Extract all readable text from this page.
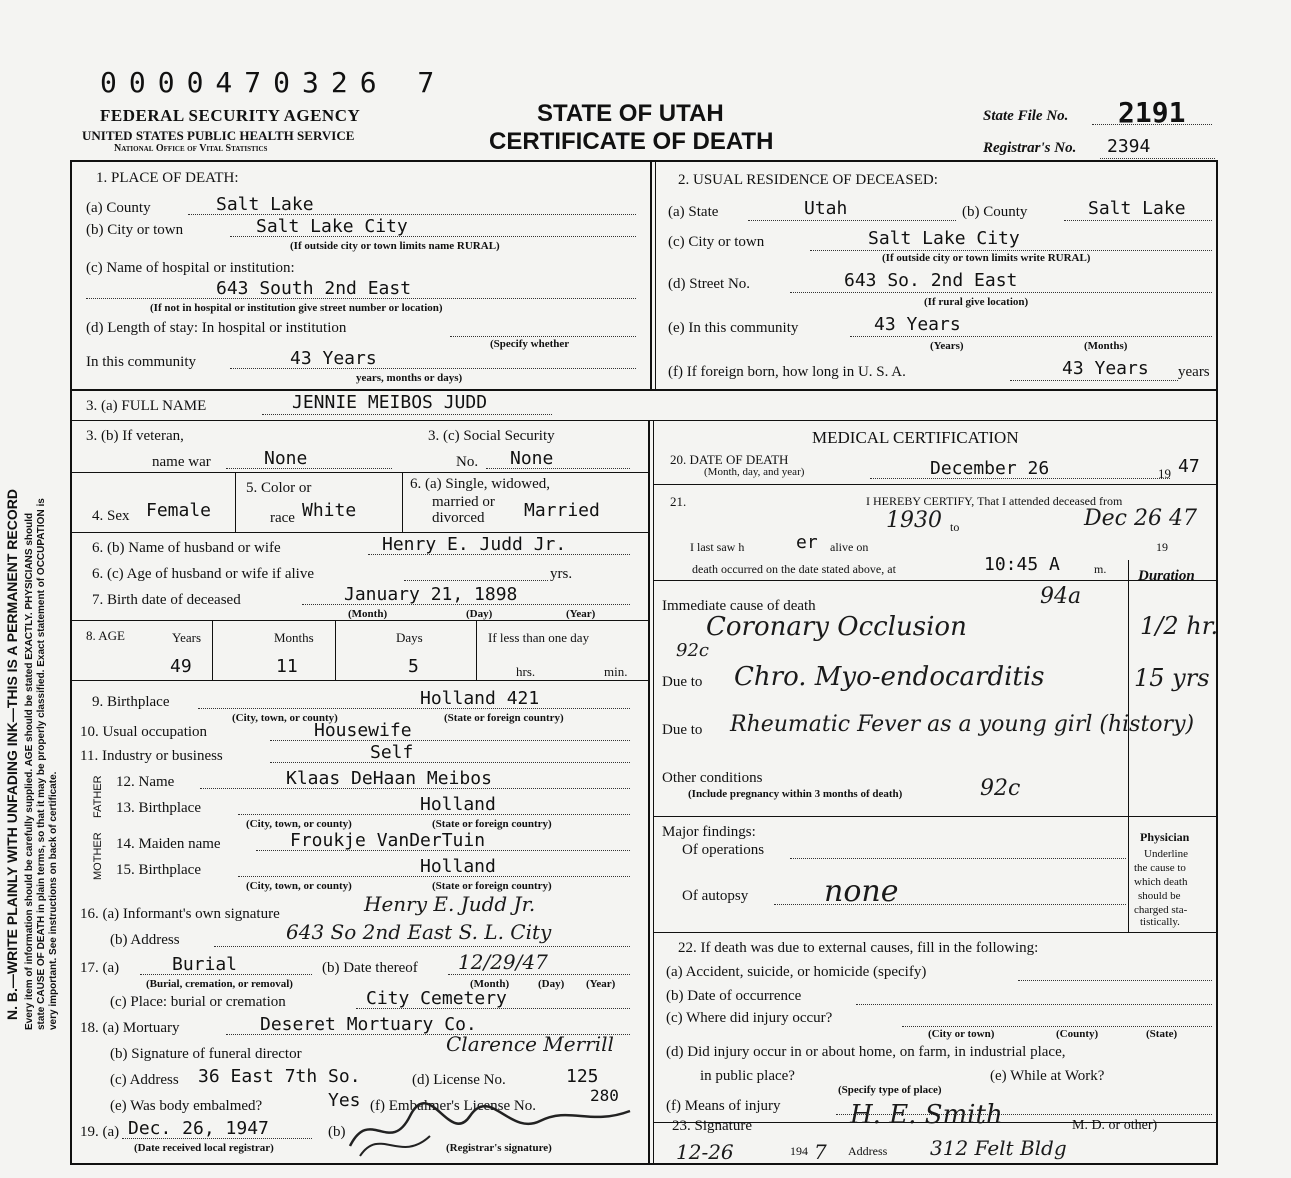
0000470326 7
FEDERAL SECURITY AGENCY
UNITED STATES PUBLIC HEALTH SERVICE
National Office of Vital Statistics
STATE OF UTAH
CERTIFICATE OF DEATH
State File No. 2191
Registrar's No. 2394
N. B.—WRITE PLAINLY WITH UNFADING INK—THIS IS A PERMANENT RECORD Every item of information should be carefully supplied. AGE should be stated EXACTLY. PHYSICIANS should state CAUSE OF DEATH in plain terms, so that it may be properly classified. Exact statement of OCCUPATION is very important. See instructions on back of certificate.
1. PLACE OF DEATH:
(a) County	Salt Lake
(b) City or town	Salt Lake City
(If outside city or town limits name RURAL)
(c) Name of hospital or institution:
643 South 2nd East
(If not in hospital or institution give street number or location)
(d) Length of stay: In hospital or institution
(Specify whether
In this community	43 Years
years, months or days)
2. USUAL RESIDENCE OF DECEASED:
(a) State	Utah	(b) County	Salt Lake
(c) City or town	Salt Lake City
(If outside city or town limits write RURAL)
(d) Street No.	643 So. 2nd East
(If rural give location)
(e) In this community	43 Years
(Years)	(Months)
(f) If foreign born, how long in U. S. A.	43 Years years
3. (a) FULL NAME	JENNIE MEIBOS JUDD
3. (b) If veteran,
name war	None
3. (c) Social Security
No. None
4. Sex Female
5. Color or
race White
6. (a) Single, widowed,
married or
divorced Married
6. (b) Name of husband or wife	Henry E. Judd Jr.
6. (c) Age of husband or wife if alive	yrs.
7. Birth date of deceased	January 21, 1898
(Month)	(Day)	(Year)
8. AGE	Years	Months	Days	If less than one day
49	11	5	hrs.	min.
9. Birthplace	Holland 421
(City, town, or county)	(State or foreign country)
10. Usual occupation	Housewife
11. Industry or business	Self
FATHER
MOTHER
12. Name	Klaas DeHaan Meibos
13. Birthplace	Holland
(City, town, or county)	(State or foreign country)
14. Maiden name	Froukje VanDerTuin
15. Birthplace	Holland
(City, town, or county)	(State or foreign country)
16. (a) Informant's own signature	Henry E. Judd Jr.
(b) Address	643 So 2nd East S. L. City
17. (a)	Burial
(Burial, cremation, or removal)
(b) Date thereof 12/29/47
(Month)	(Day) (Year)
(c) Place: burial or cremation	City Cemetery
18. (a) Mortuary	Deseret Mortuary Co.
(b) Signature of funeral director	Clarence Merrill
(c) Address 36 East 7th So.	(d) License No.	125
(e) Was body embalmed?	Yes (f) Embalmer's License No.
280
19. (a) Dec. 26, 1947
(Date received local registrar)
(b)
(Registrar's signature)
MEDICAL CERTIFICATION
20. DATE OF DEATH
(Month, day, and year)	December 26	19 47
21.	I HEREBY CERTIFY, That I attended deceased from
1930 to	Dec 26 47
I last saw h	er alive on	19
death occurred on the date stated above, at	10:45 A	m. Duration
Immediate cause of death	94a
Coronary Occlusion	1/2 hr.
92c
Due to Chro. Myo-endocarditis	15 yrs
Due to Rheumatic Fever as a young girl (history)
Other conditions
(Include pregnancy within 3 months of death)	92c
Major findings:
Of operations
Of autopsy	none
Physician
Underline
the cause to
which death
should be
charged sta-
tistically.
22. If death was due to external causes, fill in the following:
(a) Accident, suicide, or homicide (specify)
(b) Date of occurrence
(c) Where did injury occur?
(City or town)	(County)	(State)
(d) Did injury occur in or about home, on farm, in industrial place,
in public place?
(Specify type of place)
(e) While at Work?
(f) Means of injury
23. Signature	H. E. Smith	M. D. or other)
12-26	194 7 Address 312 Felt Bldg
